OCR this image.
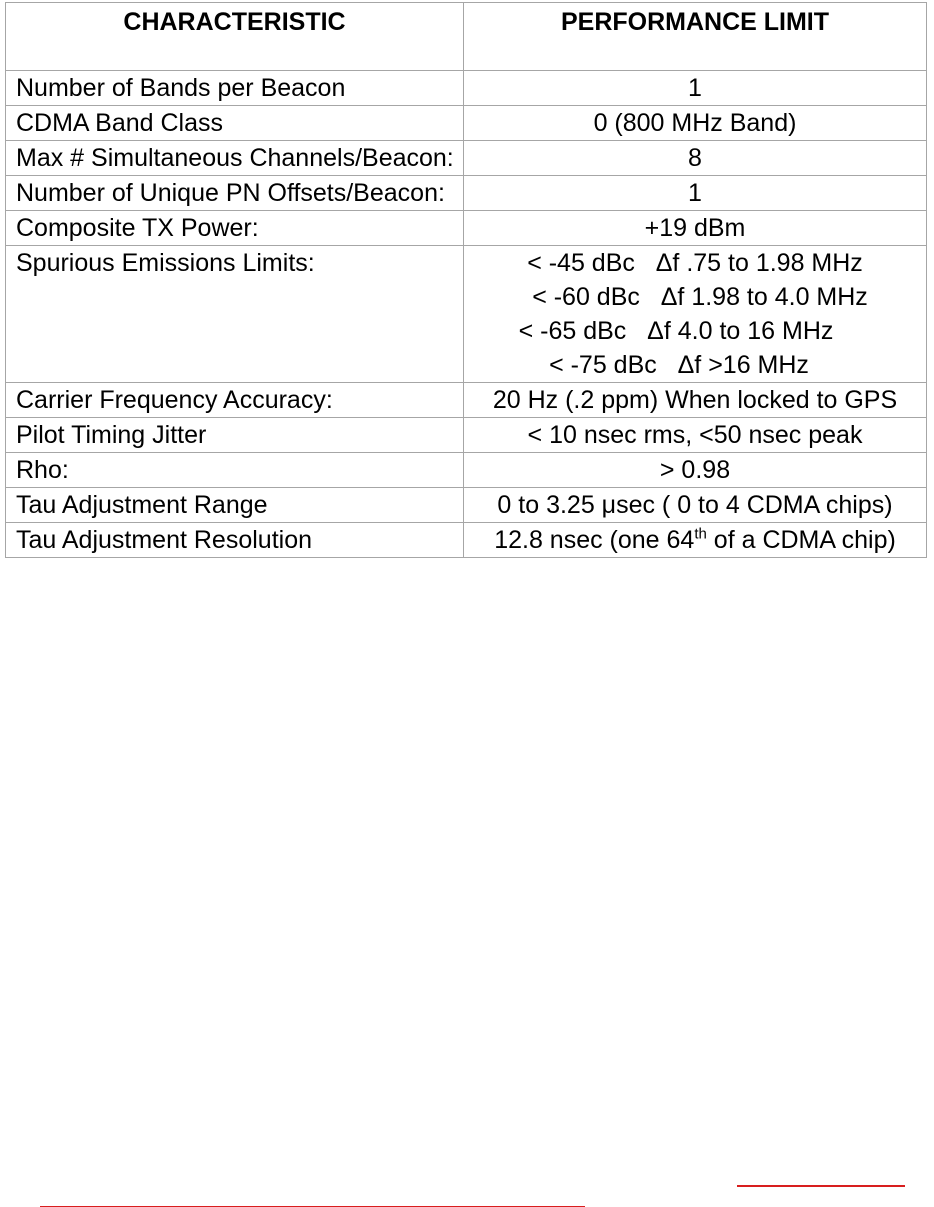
CHARACTERISTIC	PERFORMANCE LIMIT
Number of Bands per Beacon	1
CDMA Band Class	0 (800 MHz Band)
Max # Simultaneous Channels/Beacon:	8
Number of Unique PN Offsets/Beacon:	1
Composite TX Power:	+19 dBm
Spurious Emissions Limits:	< -45 dBc   Δf .75 to 1.98 MHz
< -60 dBc   Δf 1.98 to 4.0 MHz
< -65 dBc   Δf 4.0 to 16 MHz
< -75 dBc   Δf >16 MHz

Carrier Frequency Accuracy:	20 Hz (.2 ppm) When locked to GPS
Pilot Timing Jitter	< 10 nsec rms, <50 nsec peak
Rho:	> 0.98
Tau Adjustment Range	0 to 3.25 μsec ( 0 to 4 CDMA chips)
Tau Adjustment Resolution	12.8 nsec (one 64th of a CDMA chip)
